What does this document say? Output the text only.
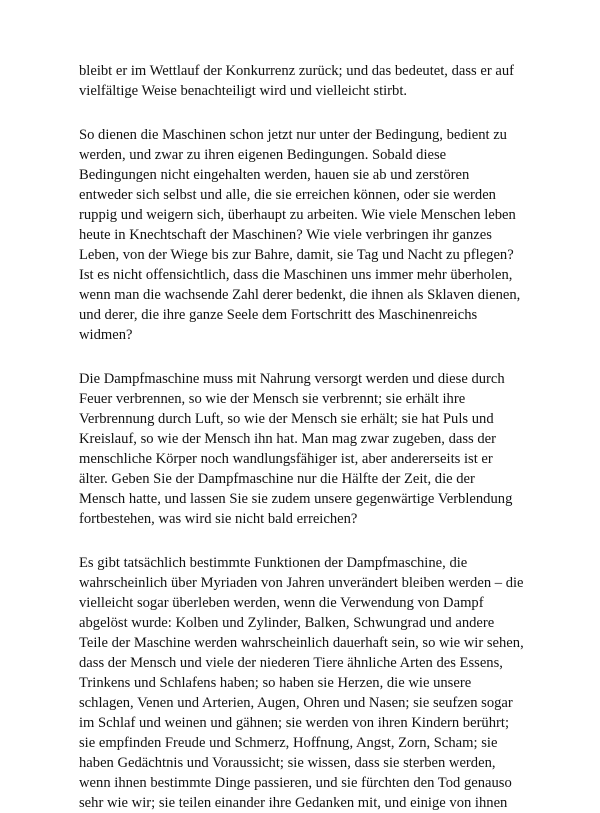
bleibt er im Wettlauf der Konkurrenz zurück; und das bedeutet, dass er auf
vielfältige Weise benachteiligt wird und vielleicht stirbt.

So dienen die Maschinen schon jetzt nur unter der Bedingung, bedient zu
werden, und zwar zu ihren eigenen Bedingungen. Sobald diese
Bedingungen nicht eingehalten werden, hauen sie ab und zerstören
entweder sich selbst und alle, die sie erreichen können, oder sie werden
ruppig und weigern sich, überhaupt zu arbeiten. Wie viele Menschen leben
heute in Knechtschaft der Maschinen? Wie viele verbringen ihr ganzes
Leben, von der Wiege bis zur Bahre, damit, sie Tag und Nacht zu pflegen?
Ist es nicht offensichtlich, dass die Maschinen uns immer mehr überholen,
wenn man die wachsende Zahl derer bedenkt, die ihnen als Sklaven dienen,
und derer, die ihre ganze Seele dem Fortschritt des Maschinenreichs
widmen?

Die Dampfmaschine muss mit Nahrung versorgt werden und diese durch
Feuer verbrennen, so wie der Mensch sie verbrennt; sie erhält ihre
Verbrennung durch Luft, so wie der Mensch sie erhält; sie hat Puls und
Kreislauf, so wie der Mensch ihn hat. Man mag zwar zugeben, dass der
menschliche Körper noch wandlungsfähiger ist, aber andererseits ist er
älter. Geben Sie der Dampfmaschine nur die Hälfte der Zeit, die der
Mensch hatte, und lassen Sie sie zudem unsere gegenwärtige Verblendung
fortbestehen, was wird sie nicht bald erreichen?

Es gibt tatsächlich bestimmte Funktionen der Dampfmaschine, die
wahrscheinlich über Myriaden von Jahren unverändert bleiben werden – die
vielleicht sogar überleben werden, wenn die Verwendung von Dampf
abgelöst wurde: Kolben und Zylinder, Balken, Schwungrad und andere
Teile der Maschine werden wahrscheinlich dauerhaft sein, so wie wir sehen,
dass der Mensch und viele der niederen Tiere ähnliche Arten des Essens,
Trinkens und Schlafens haben; so haben sie Herzen, die wie unsere
schlagen, Venen und Arterien, Augen, Ohren und Nasen; sie seufzen sogar
im Schlaf und weinen und gähnen; sie werden von ihren Kindern berührt;
sie empfinden Freude und Schmerz, Hoffnung, Angst, Zorn, Scham; sie
haben Gedächtnis und Voraussicht; sie wissen, dass sie sterben werden,
wenn ihnen bestimmte Dinge passieren, und sie fürchten den Tod genauso
sehr wie wir; sie teilen einander ihre Gedanken mit, und einige von ihnen
